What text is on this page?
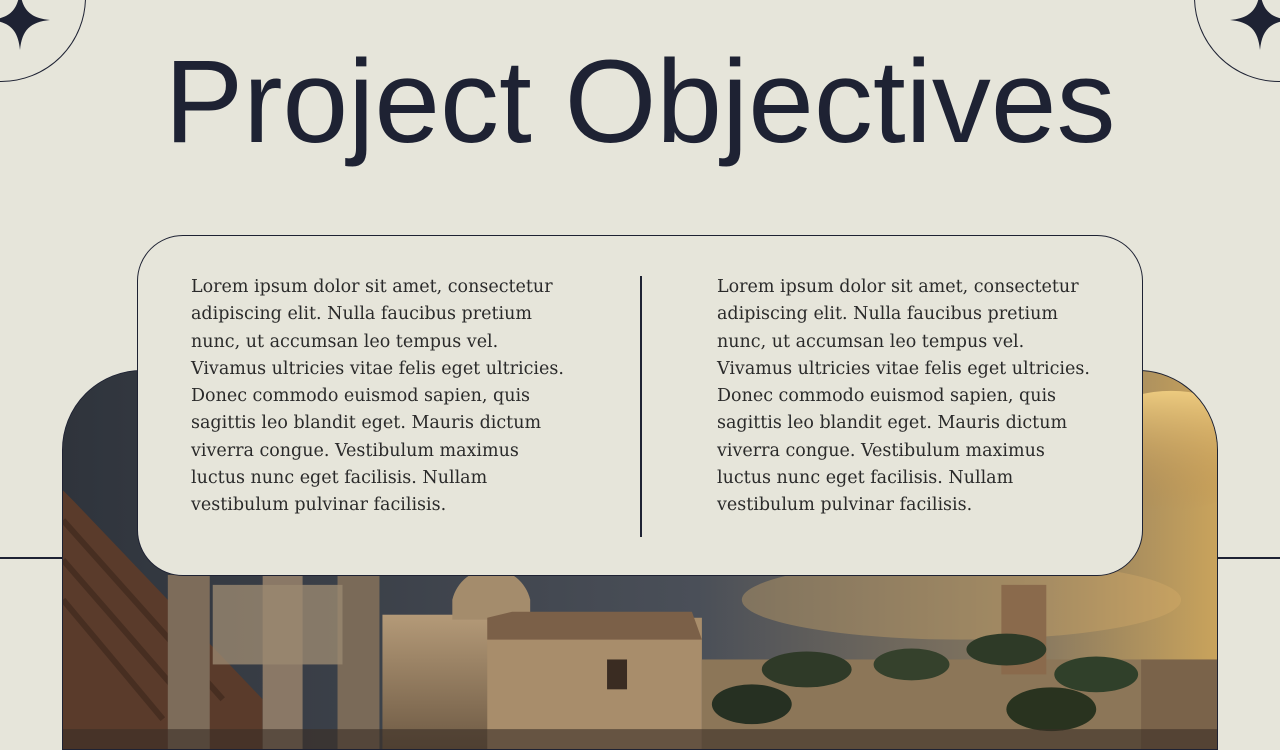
Project Objectives

Lorem ipsum dolor sit amet, consectetur adipiscing elit. Nulla faucibus pretium nunc, ut accumsan leo tempus vel. Vivamus ultricies vitae felis eget ultricies. Donec commodo euismod sapien, quis sagittis leo blandit eget. Mauris dictum viverra congue. Vestibulum maximus luctus nunc eget facilisis. Nullam vestibulum pulvinar facilisis.

Lorem ipsum dolor sit amet, consectetur adipiscing elit. Nulla faucibus pretium nunc, ut accumsan leo tempus vel. Vivamus ultricies vitae felis eget ultricies. Donec commodo euismod sapien, quis sagittis leo blandit eget. Mauris dictum viverra congue. Vestibulum maximus luctus nunc eget facilisis. Nullam vestibulum pulvinar facilisis.
